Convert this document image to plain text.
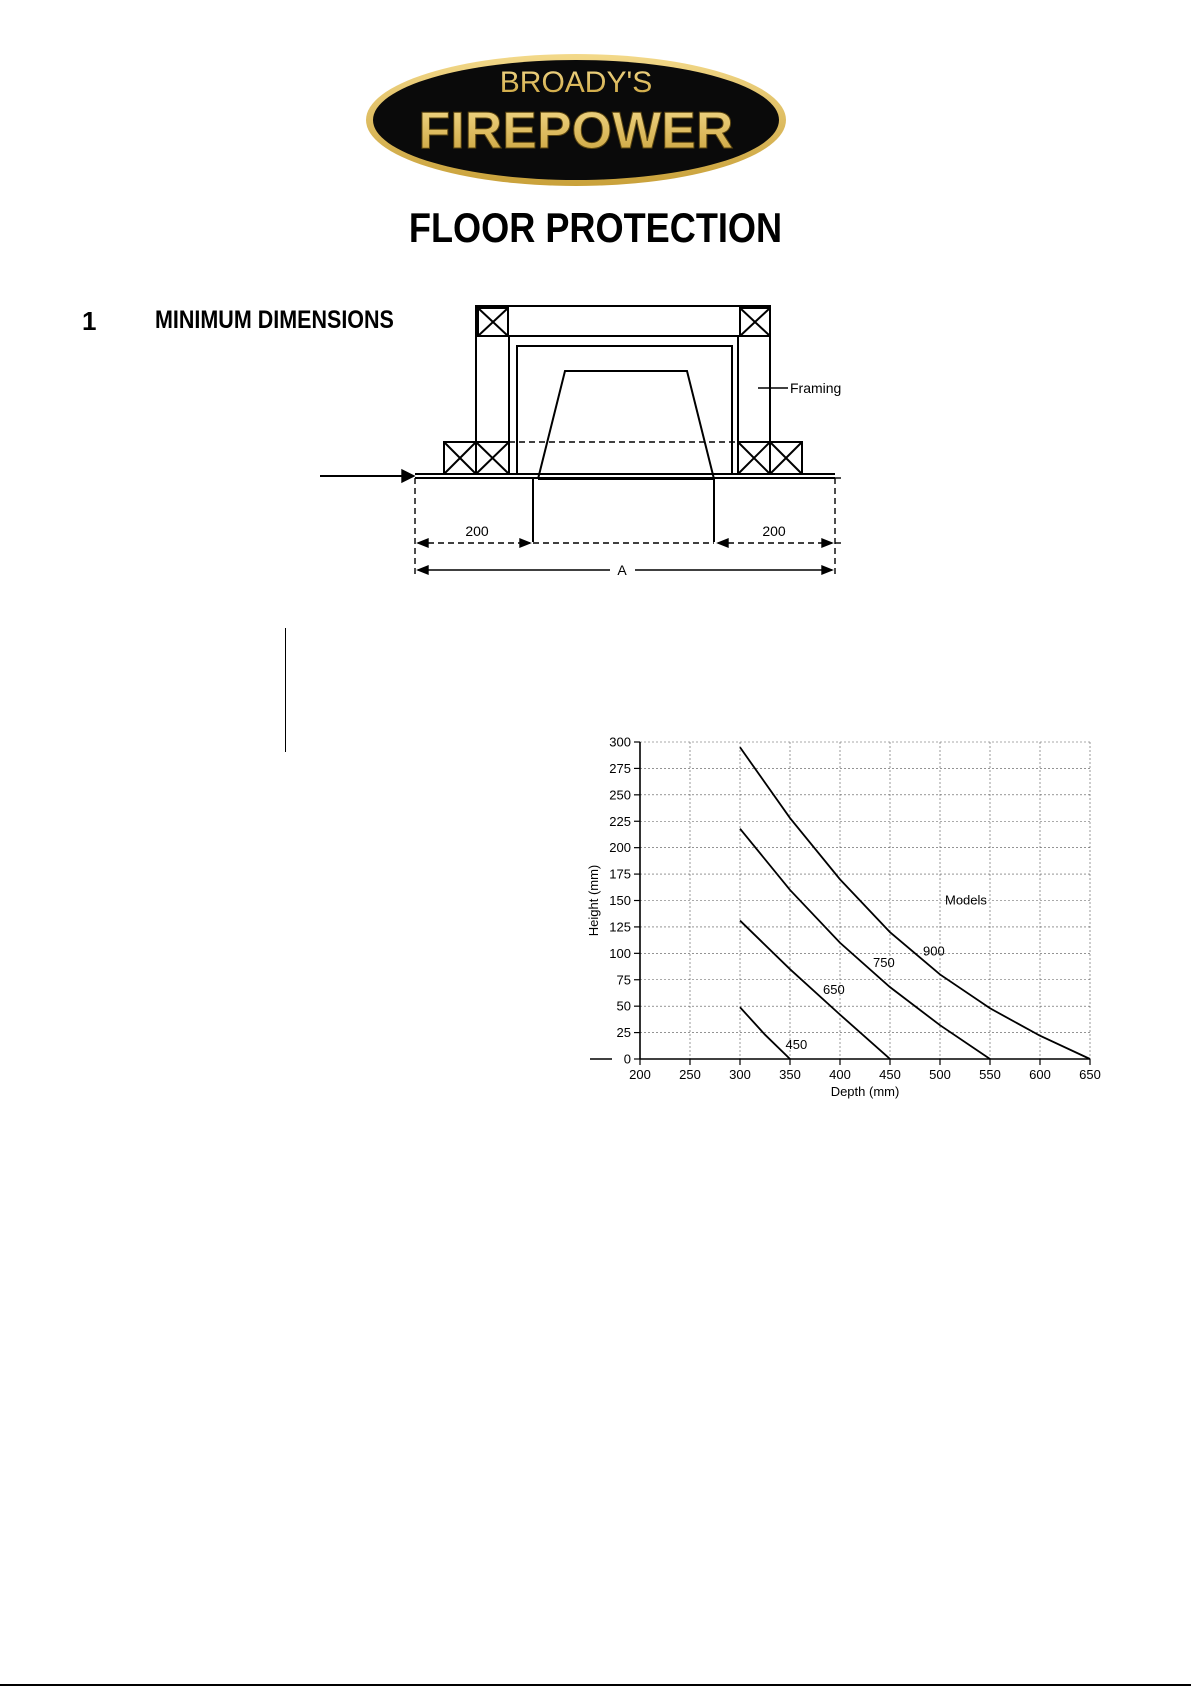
BROADY'S
FIREPOWER
FLOOR PROTECTION
1 MINIMUM DIMENSIONS
Framing
200	200
A
0
25
50
75
100
125
150
175
200
225
250
275
300
200 250 300 350 400 450 500 550 600 650
900
750
650
450
Depth (mm)
Height (mm)	Models
